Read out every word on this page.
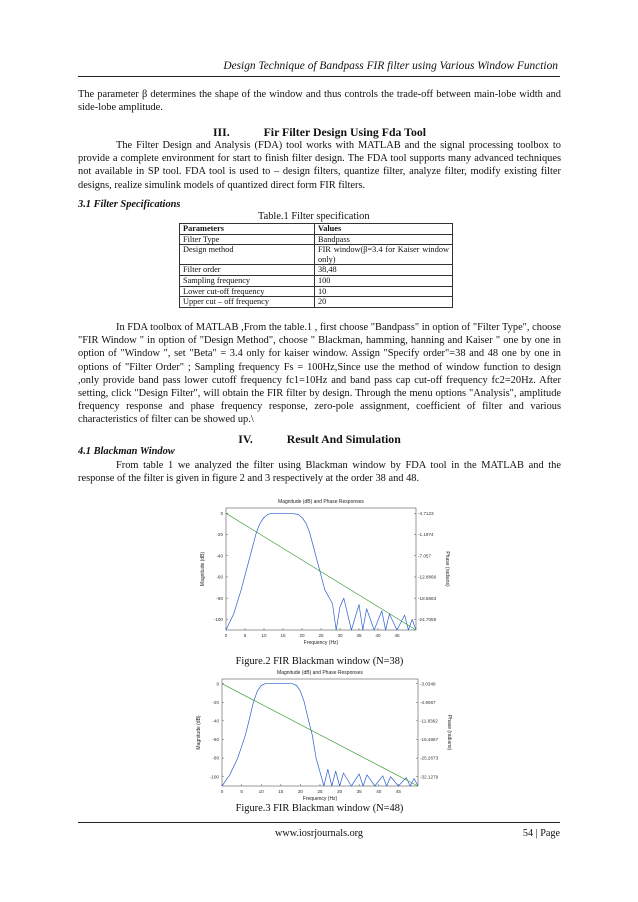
Design Technique of Bandpass FIR filter using Various Window Function
The parameter β determines the shape of the window and thus controls the trade-off between main-lobe width and side-lobe amplitude.
III.	Fir Filter Design Using Fda Tool
The Filter Design and Analysis (FDA) tool works with MATLAB and the signal processing toolbox to provide a complete environment for start to finish filter design. The FDA tool supports many advanced techniques not available in SP tool. FDA tool is used to – design filters, quantize filter, analyze filter, modify existing filter designs, realize simulink models of quantized direct form FIR filters.
3.1 Filter Specifications
Table.1 Filter specification
Parameters	Values
Filter Type	Bandpass
Design method	FIR window(β=3.4 for Kaiser window only)
Filter order	38,48
Sampling frequency	100
Lower cut-off frequency	10
Upper cut – off frequency	20
In FDA toolbox of MATLAB ,From the table.1 , first choose "Bandpass" in option of "Filter Type", choose "FIR Window " in option of "Design Method", choose " Blackman, hamming, hanning and Kaiser " one by one in option of "Window ", set "Beta" = 3.4 only for kaiser window. Assign "Specify order"=38 and 48 one by one in options of "Filter Order" ; Sampling frequency Fs = 100Hz,Since use the method of window function to design ,only provide band pass lower cutoff frequency fc1=10Hz and band pass cap cut-off frequency fc2=20Hz. After setting, click "Design Filter", will obtain the FIR filter by design. Through the menu options "Analysis", amplitude frequency response and phase frequency response, zero-pole assignment, coefficient of filter and various characteristics of filter can be showed up.\
IV.	Result And Simulation
4.1 Blackman Window
From table 1 we analyzed the filter using Blackman window by FDA tool in the MATLAB and the response of the filter is given in figure 2 and 3 respectively at the order 38 and 48.
Magnitude (dB) and Phase Responses
0	5	10	15	20	25	30	35	40	45
0
-20
-40
-60
-80
-100
-4.7123
-1.1974
-7.057
-12.8866
-18.6663
-24.7059
Frequency (Hz)
Magnitude (dB)	Phase (radians)
Figure.2 FIR Blackman window (N=38)
Magnitude (dB) and Phase Responses
0	5	10	15	20	25	30	35	40	45
0
-20
-40
-60
-80
-100
-3.0348
-4.9067
-11.8362
-16.4867
-25.2673
-32.1279
Frequency (Hz)
Magnitude (dB)	Phase (radians)
Figure.3 FIR Blackman window (N=48)
www.iosrjournals.org	54 | Page
